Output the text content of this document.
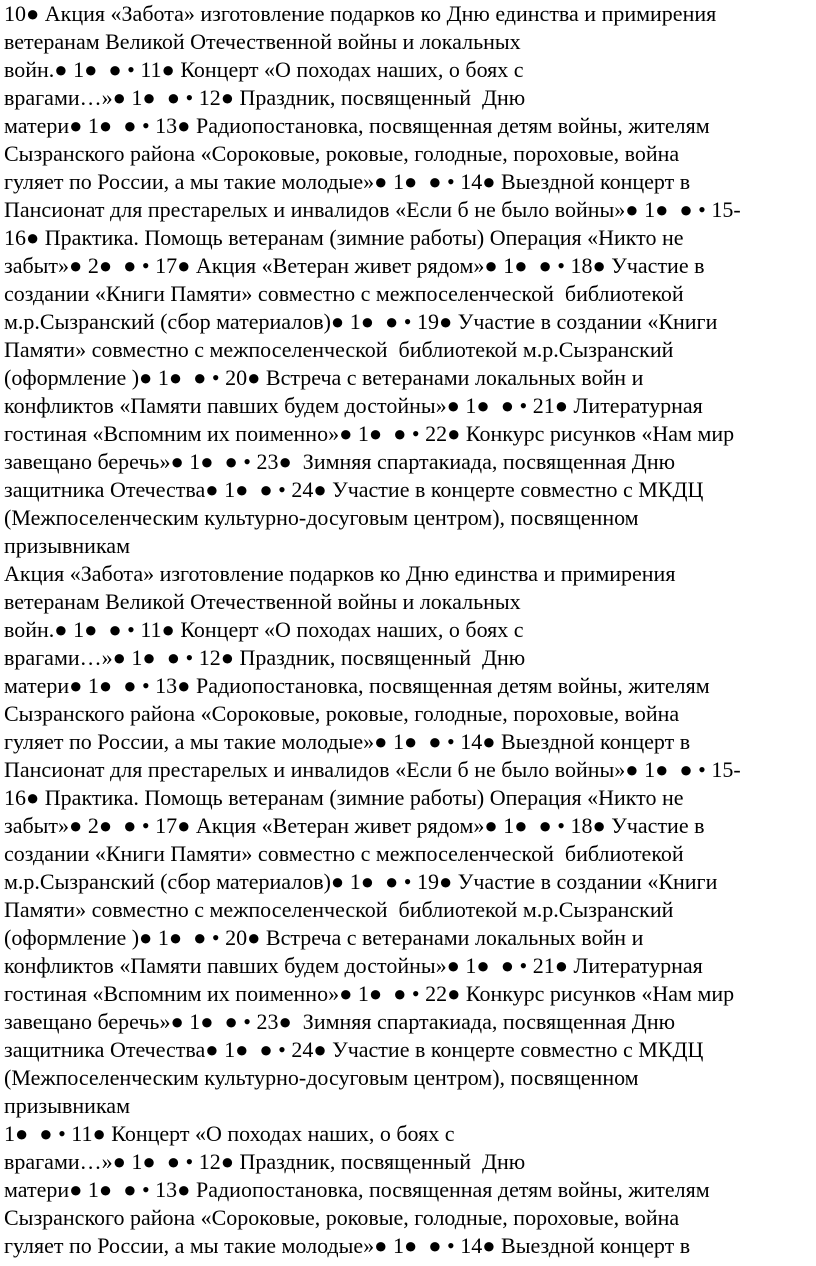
10● Акция «Забота» изготовление подарков ко Дню единства и примирения
ветеранам Великой Отечественной войны и локальных
войн.● 1●  ● • 11● Концерт «О походах наших, о боях с
врагами…»● 1●  ● • 12● Праздник, посвященный  Дню
матери● 1●  ● • 13● Радиопостановка, посвященная детям войны, жителям
Сызранского района «Сороковые, роковые, голодные, пороховые, война
гуляет по России, а мы такие молодые»● 1●  ● • 14● Выездной концерт в
Пансионат для престарелых и инвалидов «Если б не было войны»● 1●  ● • 15-
16● Практика. Помощь ветеранам (зимние работы) Операция «Никто не
забыт»● 2●  ● • 17● Акция «Ветеран живет рядом»● 1●  ● • 18● Участие в
создании «Книги Памяти» совместно с межпоселенческой  библиотекой
м.р.Сызранский (сбор материалов)● 1●  ● • 19● Участие в создании «Книги
Памяти» совместно с межпоселенческой  библиотекой м.р.Сызранский
(оформление )● 1●  ● • 20● Встреча с ветеранами локальных войн и
конфликтов «Памяти павших будем достойны»● 1●  ● • 21● Литературная
гостиная «Вспомним их поименно»● 1●  ● • 22● Конкурс рисунков «Нам мир
завещано беречь»● 1●  ● • 23●  Зимняя спартакиада, посвященная Дню
защитника Отечества● 1●  ● • 24● Участие в концерте совместно с МКДЦ
(Межпоселенческим культурно-досуговым центром), посвященном
призывникам
Акция «Забота» изготовление подарков ко Дню единства и примирения
ветеранам Великой Отечественной войны и локальных
войн.● 1●  ● • 11● Концерт «О походах наших, о боях с
врагами…»● 1●  ● • 12● Праздник, посвященный  Дню
матери● 1●  ● • 13● Радиопостановка, посвященная детям войны, жителям
Сызранского района «Сороковые, роковые, голодные, пороховые, война
гуляет по России, а мы такие молодые»● 1●  ● • 14● Выездной концерт в
Пансионат для престарелых и инвалидов «Если б не было войны»● 1●  ● • 15-
16● Практика. Помощь ветеранам (зимние работы) Операция «Никто не
забыт»● 2●  ● • 17● Акция «Ветеран живет рядом»● 1●  ● • 18● Участие в
создании «Книги Памяти» совместно с межпоселенческой  библиотекой
м.р.Сызранский (сбор материалов)● 1●  ● • 19● Участие в создании «Книги
Памяти» совместно с межпоселенческой  библиотекой м.р.Сызранский
(оформление )● 1●  ● • 20● Встреча с ветеранами локальных войн и
конфликтов «Памяти павших будем достойны»● 1●  ● • 21● Литературная
гостиная «Вспомним их поименно»● 1●  ● • 22● Конкурс рисунков «Нам мир
завещано беречь»● 1●  ● • 23●  Зимняя спартакиада, посвященная Дню
защитника Отечества● 1●  ● • 24● Участие в концерте совместно с МКДЦ
(Межпоселенческим культурно-досуговым центром), посвященном
призывникам
1●  ● • 11● Концерт «О походах наших, о боях с
врагами…»● 1●  ● • 12● Праздник, посвященный  Дню
матери● 1●  ● • 13● Радиопостановка, посвященная детям войны, жителям
Сызранского района «Сороковые, роковые, голодные, пороховые, война
гуляет по России, а мы такие молодые»● 1●  ● • 14● Выездной концерт в
